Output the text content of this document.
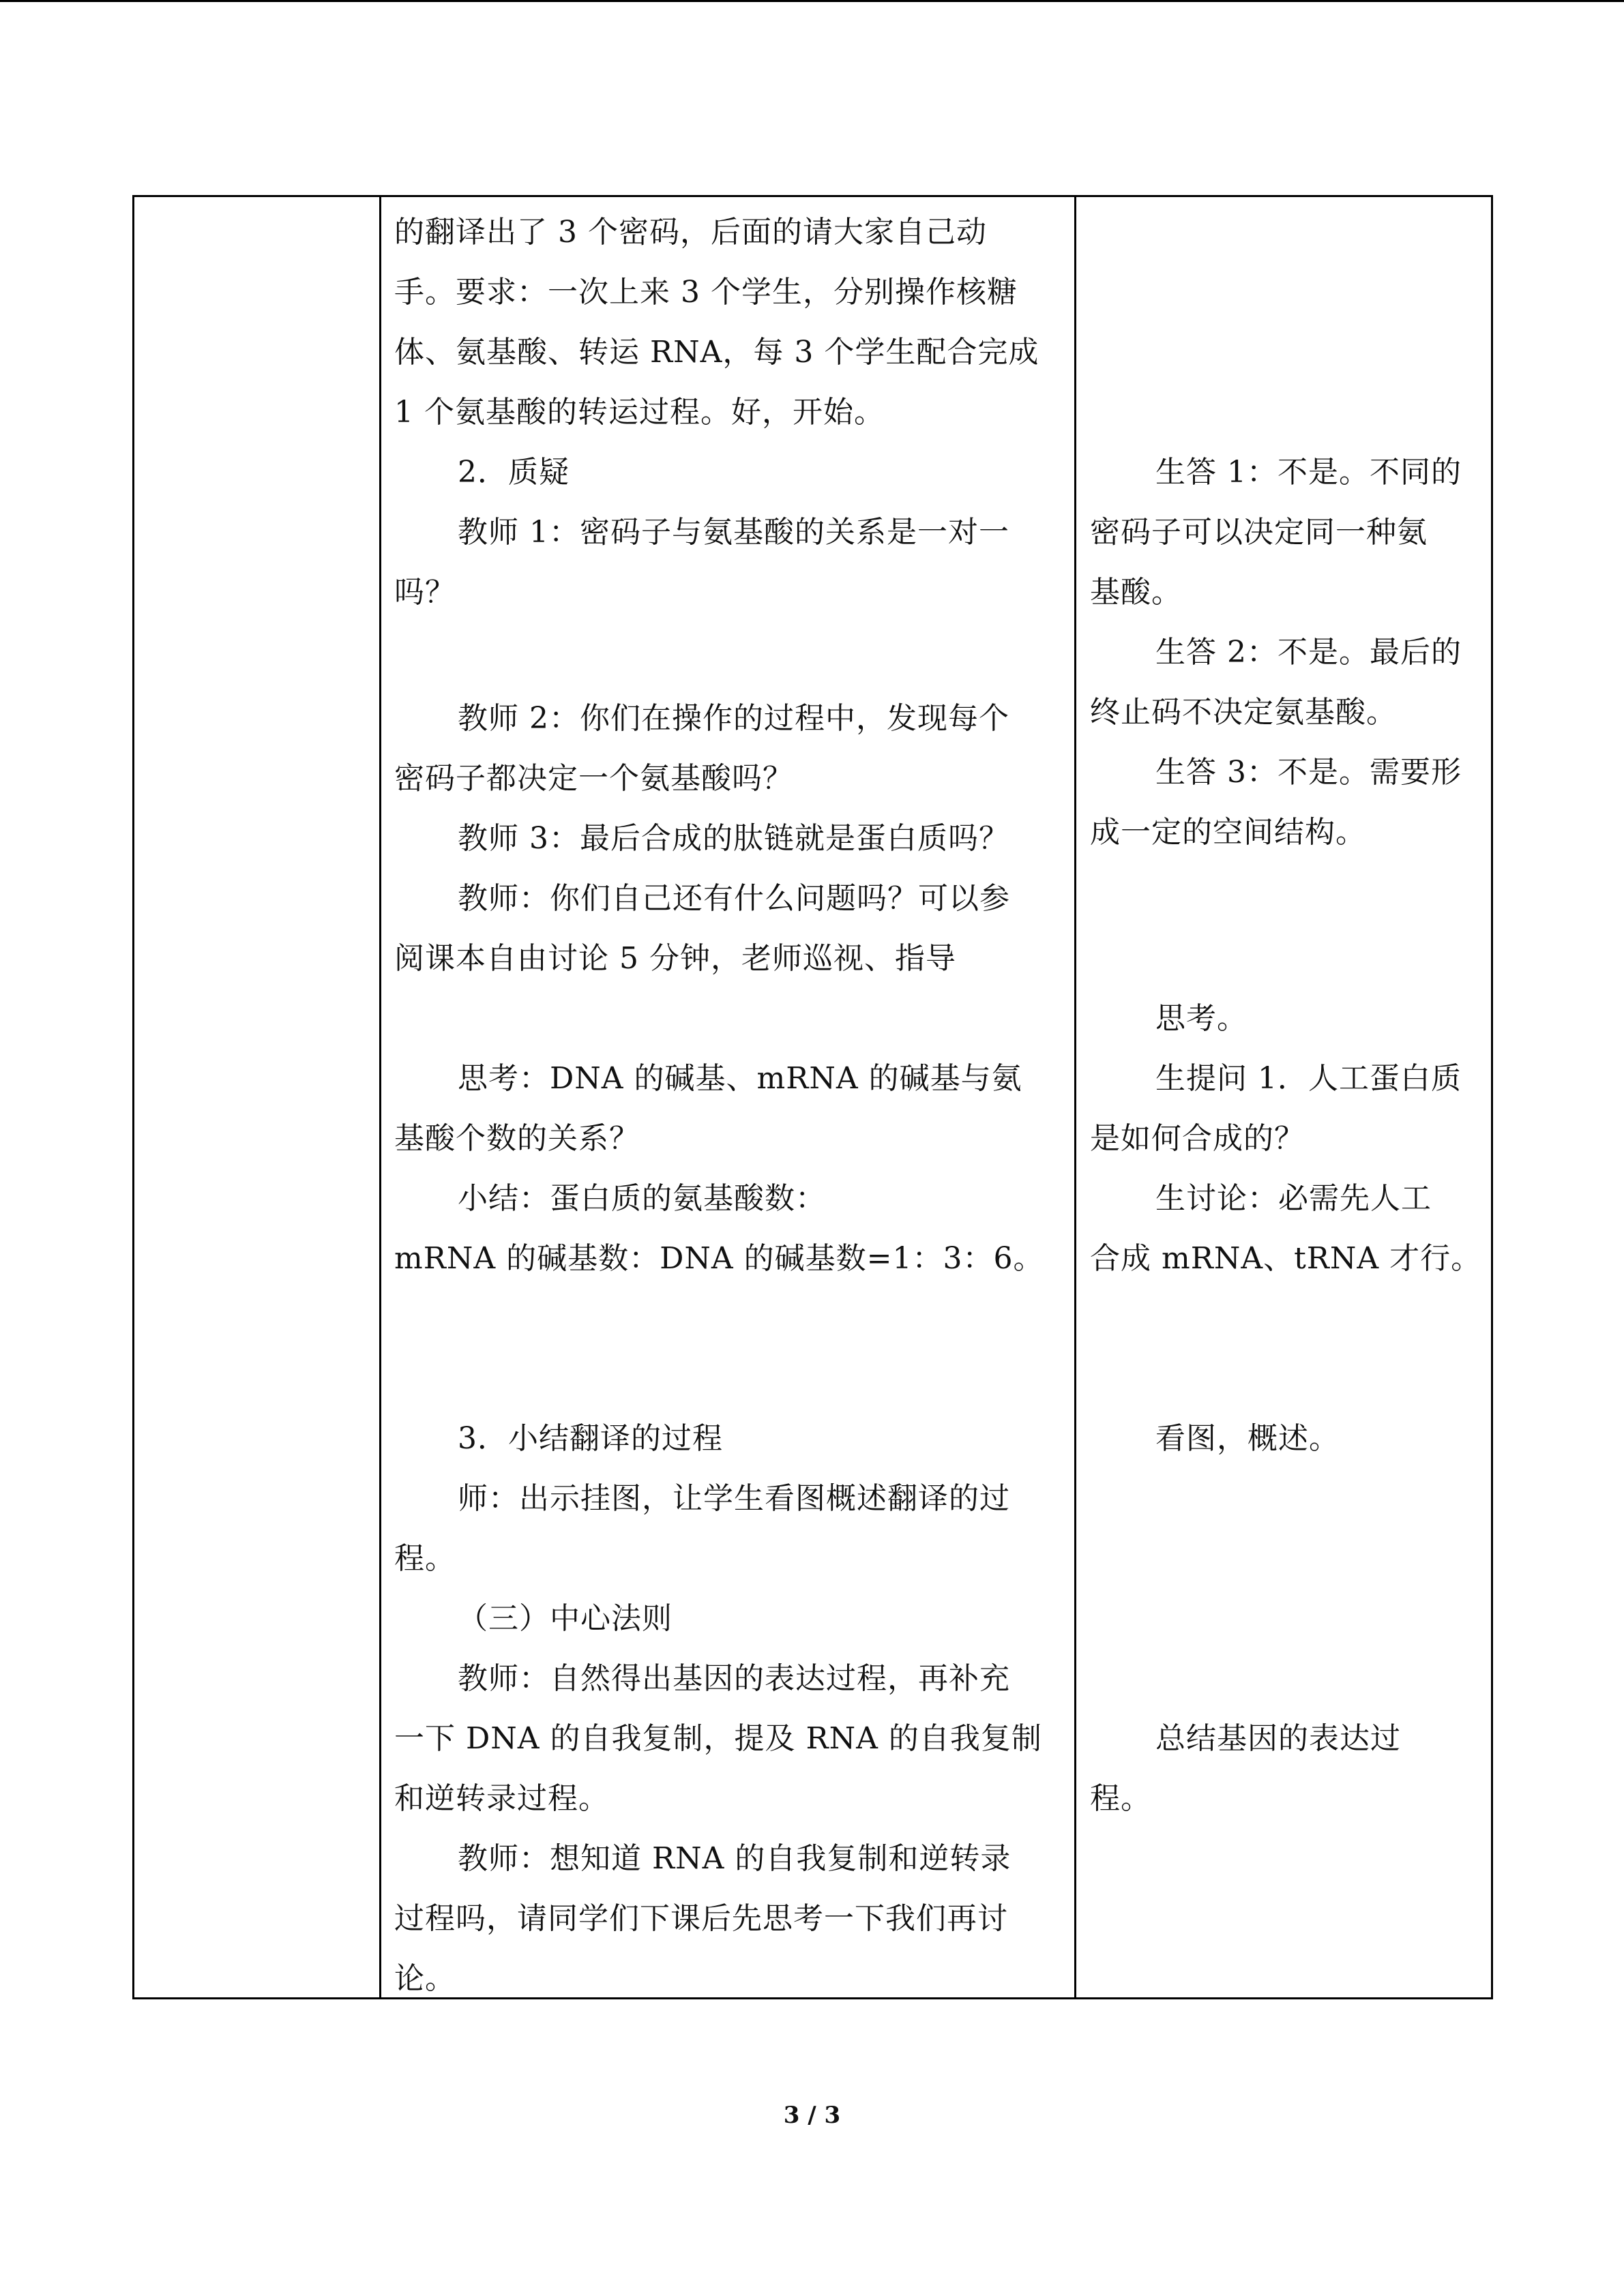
的翻译出了 3 个密码，后面的请大家自己动
手。要求：一次上来 3 个学生，分别操作核糖
体、氨基酸、转运 RNA，每 3 个学生配合完成
1 个氨基酸的转运过程。好，开始。
2．质疑
教师 1：密码子与氨基酸的关系是一对一
吗？
教师 2：你们在操作的过程中，发现每个
密码子都决定一个氨基酸吗？
教师 3：最后合成的肽链就是蛋白质吗？
教师：你们自己还有什么问题吗？可以参
阅课本自由讨论 5 分钟，老师巡视、指导
思考：DNA 的碱基、mRNA 的碱基与氨
基酸个数的关系？
小结：蛋白质的氨基酸数：
mRNA 的碱基数：DNA 的碱基数=1：3：6。
3．小结翻译的过程
师：出示挂图，让学生看图概述翻译的过
程。
（三）中心法则
教师：自然得出基因的表达过程，再补充
一下 DNA 的自我复制，提及 RNA 的自我复制
和逆转录过程。
教师：想知道 RNA 的自我复制和逆转录
过程吗，请同学们下课后先思考一下我们再讨
论。
生答 1：不是。不同的
密码子可以决定同一种氨
基酸。
生答 2：不是。最后的
终止码不决定氨基酸。
生答 3：不是。需要形
成一定的空间结构。
思考。
生提问 1．人工蛋白质
是如何合成的？
生讨论：必需先人工
合成 mRNA、tRNA 才行。
看图，概述。
总结基因的表达过
程。
3 / 3
